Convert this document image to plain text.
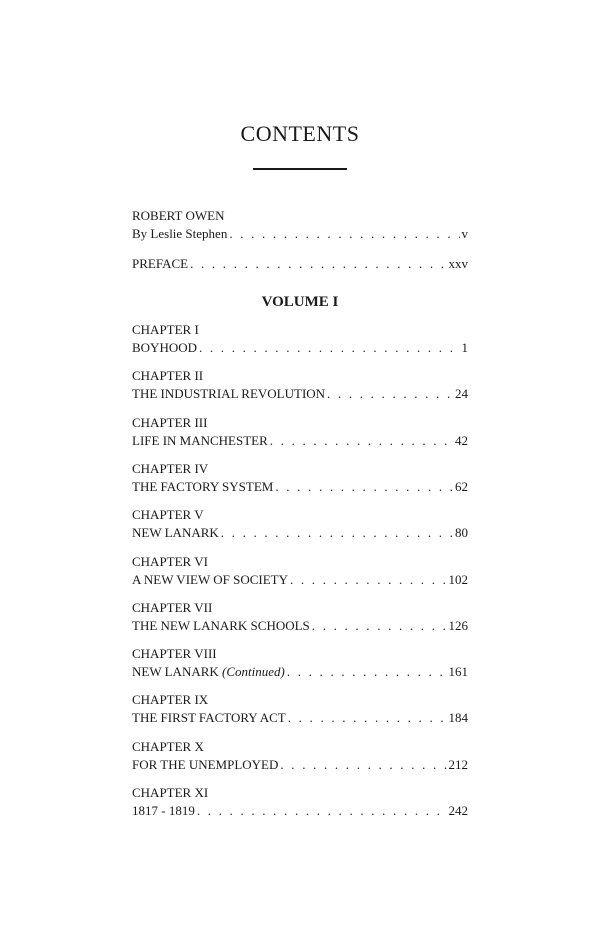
CONTENTS
ROBERT OWEN
By Leslie Stephen . . .	v
PREFACE . . .	xxv
VOLUME I
CHAPTER I
BOYHOOD . . .	1
CHAPTER II
THE INDUSTRIAL REVOLUTION . . .	24
CHAPTER III
LIFE IN MANCHESTER . . .	42
CHAPTER IV
THE FACTORY SYSTEM . . .	62
CHAPTER V
NEW LANARK . . .	80
CHAPTER VI
A NEW VIEW OF SOCIETY . . .	102
CHAPTER VII
THE NEW LANARK SCHOOLS . . .	126
CHAPTER VIII
NEW LANARK (Continued) . . .	161
CHAPTER IX
THE FIRST FACTORY ACT . . .	184
CHAPTER X
FOR THE UNEMPLOYED . . .	212
CHAPTER XI
1817 - 1819 . . .	242
